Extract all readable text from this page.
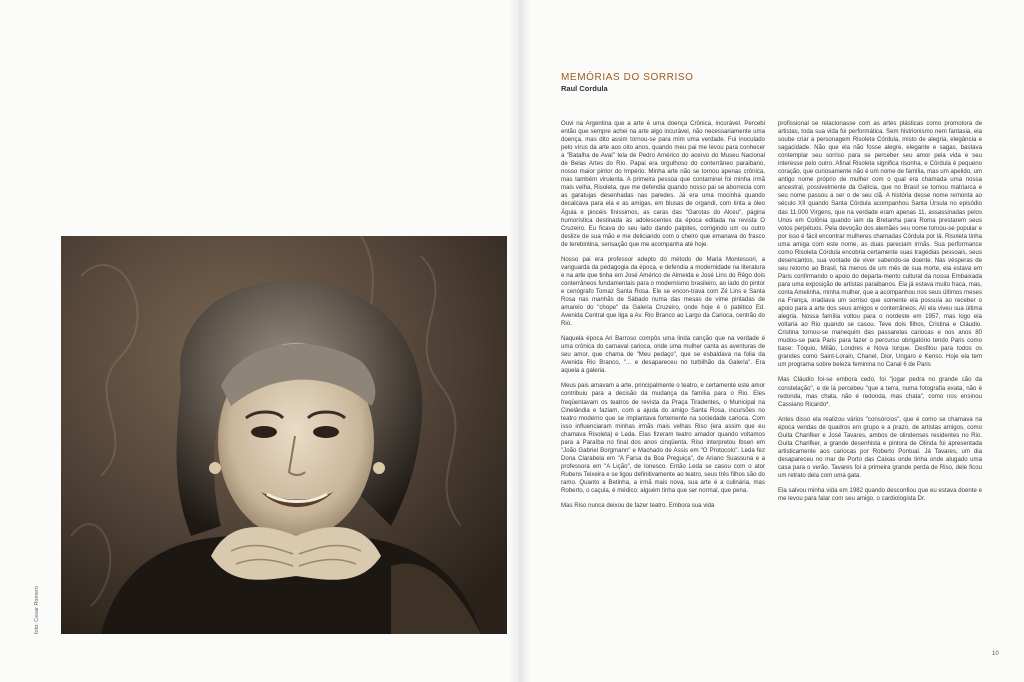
foto: Cesar Romero
MEMÓRIAS DO SORRISO
Raul Cordula

Ouvi na Argentina que a arte é uma doença Crônica, incurável. Percebi então que sempre achei na arte algo incurável, não necessariamente uma doença, mas dito assim tornou-se para mim uma verdade. Fui inoculado pelo vírus da arte aos oito anos, quando meu pai me levou para conhecer a "Batalha de Avaí" tela de Pedro Américo do acervo do Museu Nacional de Belas Artes do Rio. Papai era orgulhoso do conterrâneo paraibano, nosso maior pintor do Império. Minha arte não se tornou apenas crônica, mas também virulenta. A primeira pessoa que contaminei foi minha irmã mais velha, Risoleta, que me defendia quando nosso pai se aborrecia com as garatujas desenhadas nas paredes. Já era uma mocinha quando decalcava para ela e as amigas, em blusas de organdi, com tinta a óleo Águia e pincéis finíssimos, as caras das "Garotas do Alceu", página humorística destinada às adolescentes da época editada na revista O Cruzeiro. Eu ficava do seu lado dando palpites, corrigindo um ou outro deslize de sua mão e me deliciando com o cheiro que emanava do frasco de terebintina, sensação que me acompanha até hoje.

Nosso pai era professor adepto do método de Maria Montessori, a vanguarda da pedagogia da época, e defendia a modernidade na literatura e na arte que tinha em José Américo de Almeida e José Lins do Rêgo dois conterrâneos fundamentais para o modernismo brasileiro, ao lado do pintor e cenógrafo Tomaz Santa Rosa. Ele se encon-trava com Zé Lins e Santa Rosa nas manhãs de Sábado numa das mesas de vime pintadas de amarelo do "chope" da Galeria Cruzeiro, onde hoje é o patético Ed. Avenida Central que liga a Av. Rio Branco ao Largo da Carioca, centrão do Rio.

Naquela época Ari Barroso compôs uma linda canção que na verdade é uma crônica do carnaval carioca, onde uma mulher canta as aventuras de seu amor, que chama de "Meu pedaço", que se esbaldava na folia da Avenida Rio Branco, "... e desapareceu no turbilhão da Galeria". Era aquela a galeria.

Meus pais amavam a arte, principalmente o teatro, e certamente este amor contribuiu para a decisão da mudança da família para o Rio. Eles freqüentavam os teatros de revista da Praça Tiradentes, o Municipal na Cinelândia e faziam, com a ajuda do amigo Santa Rosa, incursões no teatro moderno que se implantava fortemente na sociedade carioca. Com isso influenciaram minhas irmãs mais velhas Riso (era assim que eu chamava Risoleta) e Leda. Elas fizeram teatro amador quando voltamos para a Paraíba no final dos anos cinqüenta. Riso interpretou Ibsen em "João Gabriel Borgmann" e Machado de Assis em "O Protocolo". Leda fez Dona Clarabela em "A Farsa da Boa Preguiça", de Ariano Suassuna e a professora em "A Lição", de Ionesco. Então Leda se casou com o ator Rubens Teixeira e se ligou definitivamente ao teatro, seus três filhos são do ramo. Quanto a Betinha, a irmã mais nova, sua arte é a culinária, mas Roberto, o caçula, é médico: alguém tinha que ser normal, que pena.

Mas Riso nunca deixou de fazer teatro. Embora sua vida

profissional se relacionasse com as artes plásticas como promotora de artistas, toda sua vida foi performática. Sem histrionismo nem fantasia, ela soube criar a personagem Risoleta Córdula, misto de alegria, elegância e sagacidade. Não que ela não fosse alegre, elegante e sagas, bastava contemplar seu sorriso para se perceber seu amor pela vida e seu interesse pelo outro. Afinal Risoleta significa risonha, e Córdula é pequeno coração, que curiosamente não é um nome de família, mas um apelido, um antigo nome próprio de mulher com o qual era chamada uma nossa ancestral, possivelmente da Galícia, que no Brasil se tornou matriarca e seu nome passou a ser o de seu clã. A história desse nome remonta ao século XII quando Santa Córdula acompanhou Santa Úrsula no episódio das 11.000 Virgens, que na verdade eram apenas 11, assassinadas pelos Unos em Colônia quando iam da Bretanha para Roma prestarem seus votos perpétuos. Pela devoção dos alemães seu nome tornou-se popular e por isso é fácil encontrar mulheres chamadas Córdula por lá. Risoleta tinha uma amiga com este nome, as duas pareciam irmãs. Sua performance como Risoleta Córdula encobria certamente suas tragédias pessoais, seus desencantos, sua vontade de viver sabendo-se doente. Nas vésperas de seu retorno ao Brasil, há menos de um mês de sua morte, ela estava em Paris confirmando o apoio do departa-mento cultural da nossa Embaixada para uma exposição de artistas paraibanos. Ela já estava muito fraca, mas, conta Amelinha, minha mulher, que a acompanhou nos seus últimos meses na França, irradiava um sorriso que somente ela possuía ao receber o apoio para a arte dos seus amigos e conterrâneos. Ali ela viveu sua última alegria. Nossa família voltou para o nordeste em 1957, mas logo ela voltaria ao Rio quando se casou. Teve dois filhos, Cristina e Cláudio. Cristina tornou-se manequim das passarelas cariocas e nos anos 80 mudou-se para Paris para fazer o percurso obrigatório tendo Paris como base: Tóquio, Milão, Londres e Nova Iorque. Desfilou para todos os grandes como Saint-Lorain, Chanel, Dior, Ungaro e Kenso. Hoje ela tem um programa sobre beleza feminina no Canal 6 de Paris

Mas Cláudio foi-se embora cedo, foi "jogar pedra no grande cão da constelação", e de lá percebeu "que a terra, numa fotografia exata, não é redonda, mas chata, não é redonda, mas chata", como nos ensinou Cassiano Ricardo*.

Antes disso ela realizou vários "consórcios", que é como se chamava na época vendas de quadros em grupo e a prazo, de artistas amigos, como Guita Charifker e José Tavares, ambos de olindenses residentes no Rio. Guita Charifker, a grande desenhista e pintora de Olinda foi apresentada artisticamente aos cariocas por Roberto Pontual. Já Tavares, um dia desapareceu no mar de Porto das Caixas onde tinha onde alugado uma casa para o verão. Tavares foi a primeira grande perda de Riso, dele ficou um retrato dela com uma gata.

Ela salvou minha vida em 1982 quando desconfiou que eu estava doente e me levou para falar com seu amigo, o cardiologista Dr.

10
